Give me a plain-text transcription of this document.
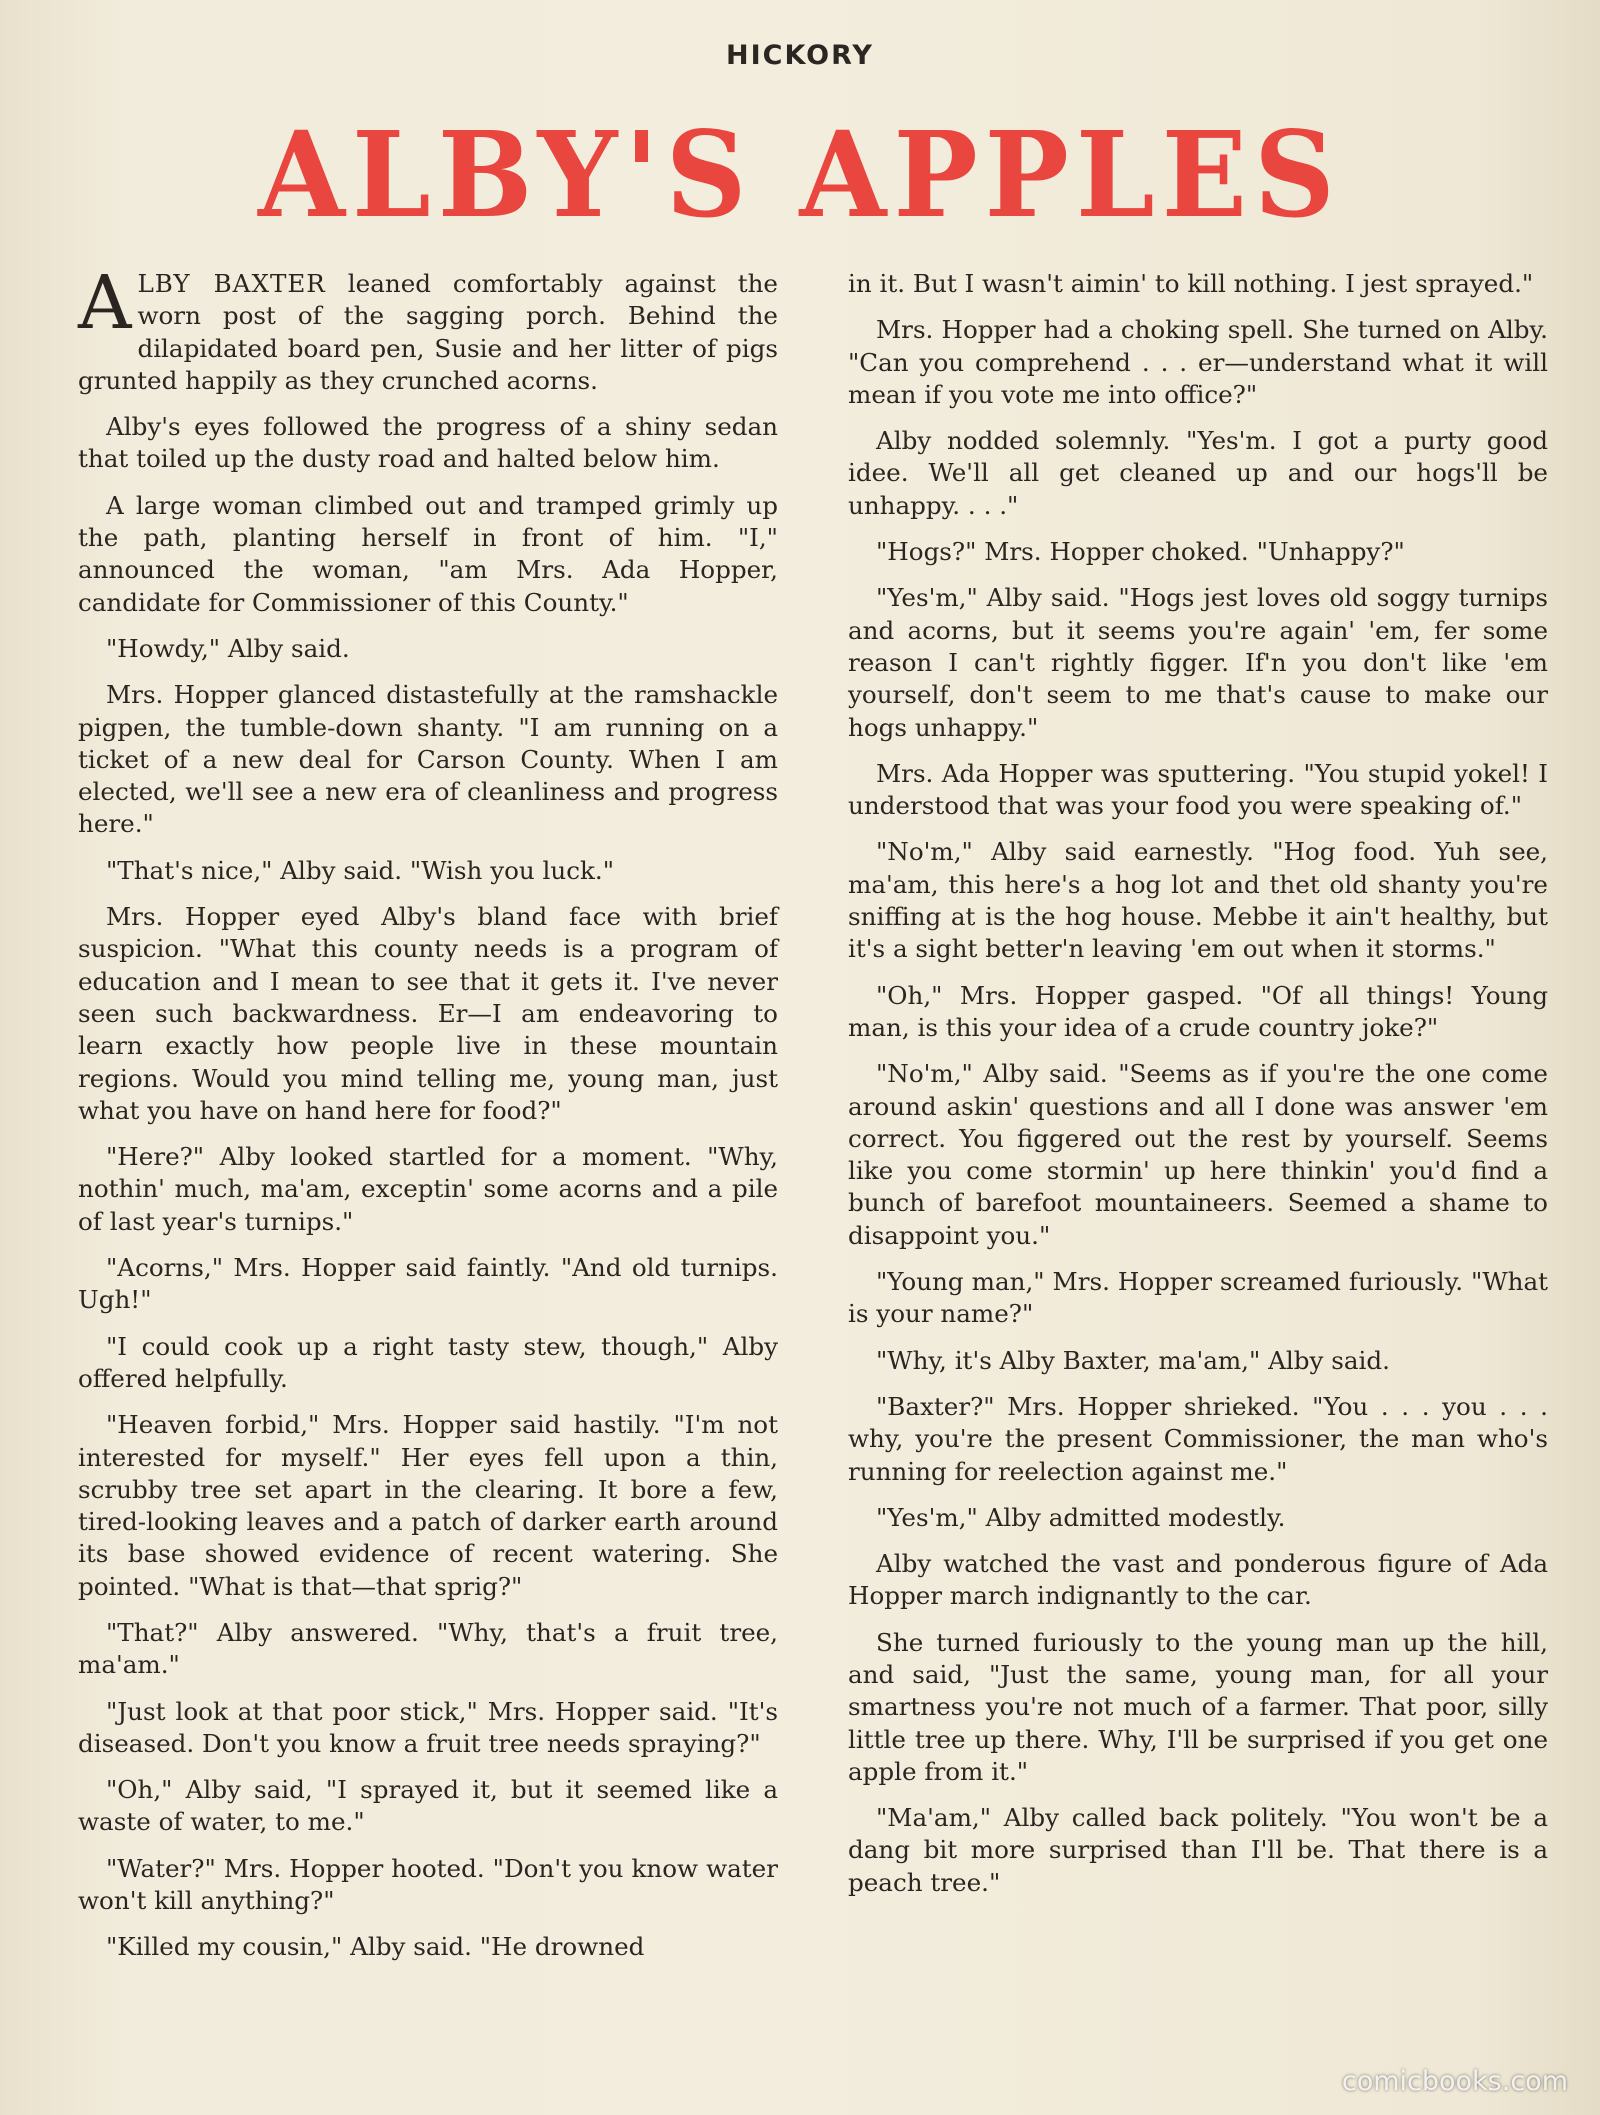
HICKORY
ALBY'S APPLES

ALBY BAXTER leaned comfortably against the worn post of the sagging porch. Behind the dilapidated board pen, Susie and her litter of pigs grunted happily as they crunched acorns.

Alby's eyes followed the progress of a shiny sedan that toiled up the dusty road and halted below him.

A large woman climbed out and tramped grimly up the path, planting herself in front of him. "I," announced the woman, "am Mrs. Ada Hopper, candidate for Commissioner of this County."

"Howdy," Alby said.

Mrs. Hopper glanced distastefully at the ramshackle pigpen, the tumble-down shanty. "I am running on a ticket of a new deal for Carson County. When I am elected, we'll see a new era of cleanliness and progress here."

"That's nice," Alby said. "Wish you luck."

Mrs. Hopper eyed Alby's bland face with brief suspicion. "What this county needs is a program of education and I mean to see that it gets it. I've never seen such backwardness. Er—I am endeavoring to learn exactly how people live in these mountain regions. Would you mind telling me, young man, just what you have on hand here for food?"

"Here?" Alby looked startled for a moment. "Why, nothin' much, ma'am, exceptin' some acorns and a pile of last year's turnips."

"Acorns," Mrs. Hopper said faintly. "And old turnips. Ugh!"

"I could cook up a right tasty stew, though," Alby offered helpfully.

"Heaven forbid," Mrs. Hopper said hastily. "I'm not interested for myself." Her eyes fell upon a thin, scrubby tree set apart in the clearing. It bore a few, tired-looking leaves and a patch of darker earth around its base showed evidence of recent watering. She pointed. "What is that—that sprig?"

"That?" Alby answered. "Why, that's a fruit tree, ma'am."

"Just look at that poor stick," Mrs. Hopper said. "It's diseased. Don't you know a fruit tree needs spraying?"

"Oh," Alby said, "I sprayed it, but it seemed like a waste of water, to me."

"Water?" Mrs. Hopper hooted. "Don't you know water won't kill anything?"

"Killed my cousin," Alby said. "He drowned

in it. But I wasn't aimin' to kill nothing. I jest sprayed."

Mrs. Hopper had a choking spell. She turned on Alby. "Can you comprehend . . . er—understand what it will mean if you vote me into office?"

Alby nodded solemnly. "Yes'm. I got a purty good idee. We'll all get cleaned up and our hogs'll be unhappy. . . ."

"Hogs?" Mrs. Hopper choked. "Unhappy?"

"Yes'm," Alby said. "Hogs jest loves old soggy turnips and acorns, but it seems you're again' 'em, fer some reason I can't rightly figger. If'n you don't like 'em yourself, don't seem to me that's cause to make our hogs unhappy."

Mrs. Ada Hopper was sputtering. "You stupid yokel! I understood that was your food you were speaking of."

"No'm," Alby said earnestly. "Hog food. Yuh see, ma'am, this here's a hog lot and thet old shanty you're sniffing at is the hog house. Mebbe it ain't healthy, but it's a sight better'n leaving 'em out when it storms."

"Oh," Mrs. Hopper gasped. "Of all things! Young man, is this your idea of a crude country joke?"

"No'm," Alby said. "Seems as if you're the one come around askin' questions and all I done was answer 'em correct. You figgered out the rest by yourself. Seems like you come stormin' up here thinkin' you'd find a bunch of barefoot mountaineers. Seemed a shame to disappoint you."

"Young man," Mrs. Hopper screamed furiously. "What is your name?"

"Why, it's Alby Baxter, ma'am," Alby said.

"Baxter?" Mrs. Hopper shrieked. "You . . . you . . . why, you're the present Commissioner, the man who's running for reelection against me."

"Yes'm," Alby admitted modestly.

Alby watched the vast and ponderous figure of Ada Hopper march indignantly to the car.

She turned furiously to the young man up the hill, and said, "Just the same, young man, for all your smartness you're not much of a farmer. That poor, silly little tree up there. Why, I'll be surprised if you get one apple from it."

"Ma'am," Alby called back politely. "You won't be a dang bit more surprised than I'll be. That there is a peach tree."

comicbooks.com
